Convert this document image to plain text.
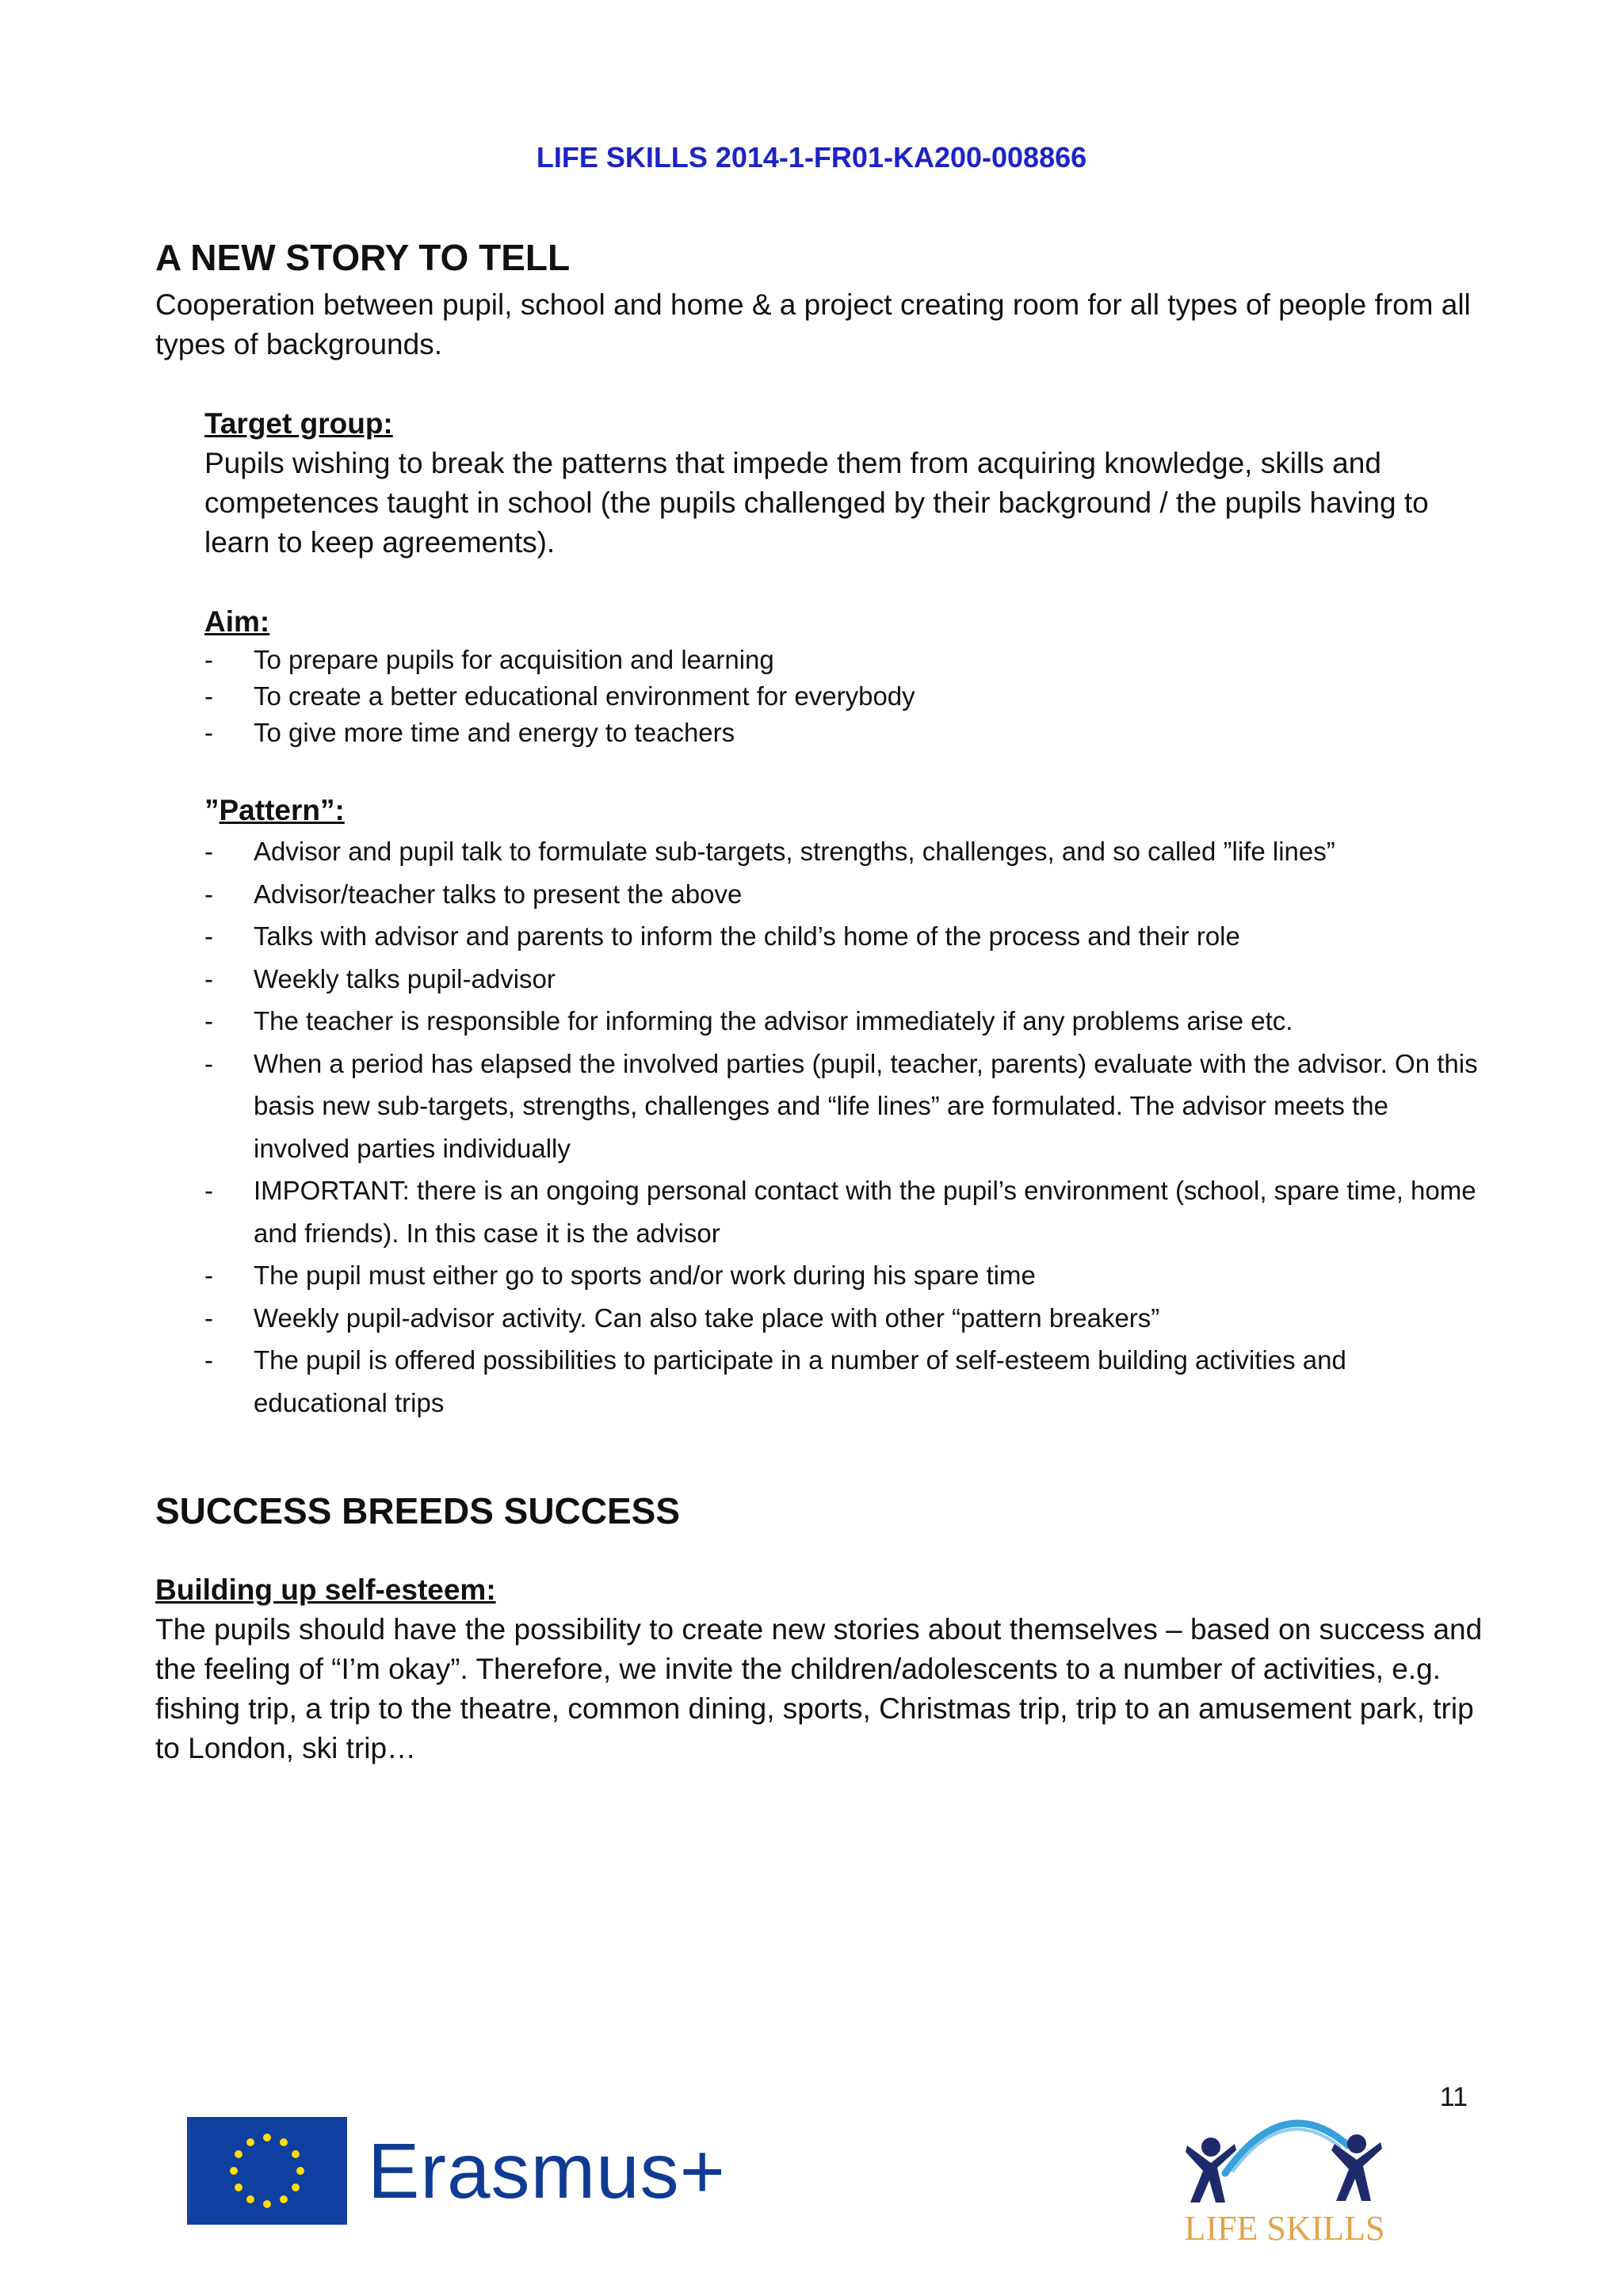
LIFE SKILLS 2014-1-FR01-KA200-008866
A NEW STORY TO TELL

Cooperation between pupil, school and home & a project creating room for all types of people from all types of backgrounds.

Target group:

Pupils wishing to break the patterns that impede them from acquiring knowledge, skills and competences taught in school (the pupils challenged by their background / the pupils having to learn to keep agreements).

Aim:

- To prepare pupils for acquisition and learning
- To create a better educational environment for everybody
- To give more time and energy to teachers

”Pattern”:

- Advisor and pupil talk to formulate sub-targets, strengths, challenges, and so called ”life lines”
- Advisor/teacher talks to present the above
- Talks with advisor and parents to inform the child’s home of the process and their role
- Weekly talks pupil-advisor
- The teacher is responsible for informing the advisor immediately if any problems arise etc.
- When a period has elapsed the involved parties (pupil, teacher, parents) evaluate with the advisor. On this basis new sub-targets, strengths, challenges and “life lines” are formulated. The advisor meets the involved parties individually
- IMPORTANT: there is an ongoing personal contact with the pupil’s environment (school, spare time, home and friends). In this case it is the advisor
- The pupil must either go to sports and/or work during his spare time
- Weekly pupil-advisor activity. Can also take place with other “pattern breakers”
- The pupil is offered possibilities to participate in a number of self-esteem building activities and educational trips
SUCCESS BREEDS SUCCESS

Building up self-esteem:

The pupils should have the possibility to create new stories about themselves – based on success and the feeling of “I’m okay”. Therefore, we invite the children/adolescents to a number of activities, e.g. fishing trip, a trip to the theatre, common dining, sports, Christmas trip, trip to an amusement park, trip to London, ski trip…

11
Erasmus+
LIFE SKILLS
